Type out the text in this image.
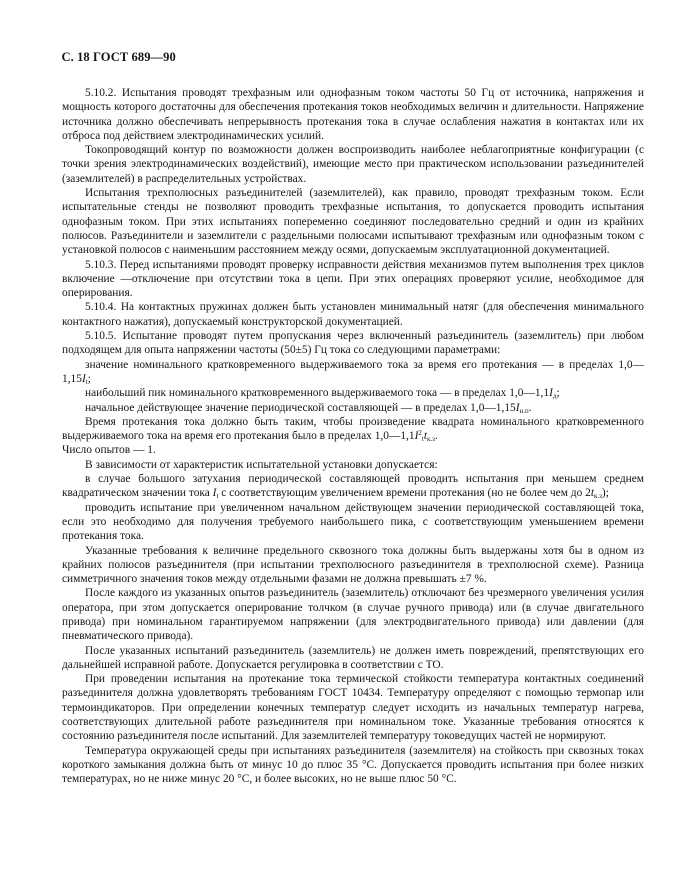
С. 18 ГОСТ 689—90

5.10.2. Испытания проводят трехфазным или однофазным током частоты 50 Гц от источника, напряжения и мощность которого достаточны для обеспечения протекания токов необходимых величин и длительности. Напряжение источника должно обеспечивать непрерывность протекания тока в случае ослабления нажатия в контактах или их отброса под действием электродинамических усилий.

Токопроводящий контур по возможности должен воспроизводить наиболее неблагоприятные конфигурации (с точки зрения электродинамических воздействий), имеющие место при практическом использовании разъединителей (заземлителей) в распределительных устройствах.

Испытания трехполюсных разъединителей (заземлителей), как правило, проводят трехфазным током. Если испытательные стенды не позволяют проводить трехфазные испытания, то допускается проводить испытания однофазным током. При этих испытаниях попеременно соединяют последовательно средний и один из крайних полюсов. Разъединители и заземлители с раздельными полюсами испытывают трехфазным или однофазным током с установкой полюсов с наименьшим расстоянием между осями, допускаемым эксплуатационной документацией.

5.10.3. Перед испытаниями проводят проверку исправности действия механизмов путем выполнения трех циклов включение —отключение при отсутствии тока в цепи. При этих операциях проверяют усилие, необходимое для оперирования.

5.10.4. На контактных пружинах должен быть установлен минимальный натяг (для обеспечения минимального контактного нажатия), допускаемый конструкторской документацией.

5.10.5. Испытание проводят путем пропускания через включенный разъединитель (заземлитель) при любом подходящем для опыта напряжении частоты (50±5) Гц тока со следующими параметрами:

значение номинального кратковременного выдерживаемого тока за время его протекания — в пределах $1,0—1,15I_t$;

наибольший пик номинального кратковременного выдерживаемого тока — в пределах $1,0—1,1I_д$;

начальное действующее значение периодической составляющей — в пределах $1,0—1,15I_{н.п}$.

Время протекания тока должно быть таким, чтобы произведение квадрата номинального кратковременного выдерживаемого тока на время его протекания было в пределах $1,0—1,1I^2_tt_{к.з}$.
Число опытов — 1.

В зависимости от характеристик испытательной установки допускается:

в случае большого затухания периодической составляющей проводить испытания при меньшем среднем квадратическом значении тока $I_t$ с соответствующим увеличением времени протекания (но не более чем до $2t_{к.з}$);

проводить испытание при увеличенном начальном действующем значении периодической составляющей тока, если это необходимо для получения требуемого наибольшего пика, с соответствующим уменьшением времени протекания тока.

Указанные требования к величине предельного сквозного тока должны быть выдержаны хотя бы в одном из крайних полюсов разъединителя (при испытании трехполюсного разъединителя в трехполюсной схеме). Разница симметричного значения токов между отдельными фазами не должна превышать ±7 %.

После каждого из указанных опытов разъединитель (заземлитель) отключают без чрезмерного увеличения усилия оператора, при этом допускается оперирование толчком (в случае ручного привода) или (в случае двигательного привода) при номинальном гарантируемом напряжении (для электродвигательного привода) или давлении (для пневматического привода).

После указанных испытаний разъединитель (заземлитель) не должен иметь повреждений, препятствующих его дальнейшей исправной работе. Допускается регулировка в соответствии с ТО.

При проведении испытания на протекание тока термической стойкости температура контактных соединений разъединителя должна удовлетворять требованиям ГОСТ 10434. Температуру определяют с помощью термопар или термоиндикаторов. При определении конечных температур следует исходить из начальных температур нагрева, соответствующих длительной работе разъединителя при номинальном токе. Указанные требования относятся к состоянию разъединителя после испытаний. Для заземлителей температуру токоведущих частей не нормируют.

Температура окружающей среды при испытаниях разъединителя (заземлителя) на стойкость при сквозных токах короткого замыкания должна быть от минус 10 до плюс 35 °С. Допускается проводить испытания при более низких температурах, но не ниже минус 20 °С, и более высоких, но не выше плюс 50 °С.
